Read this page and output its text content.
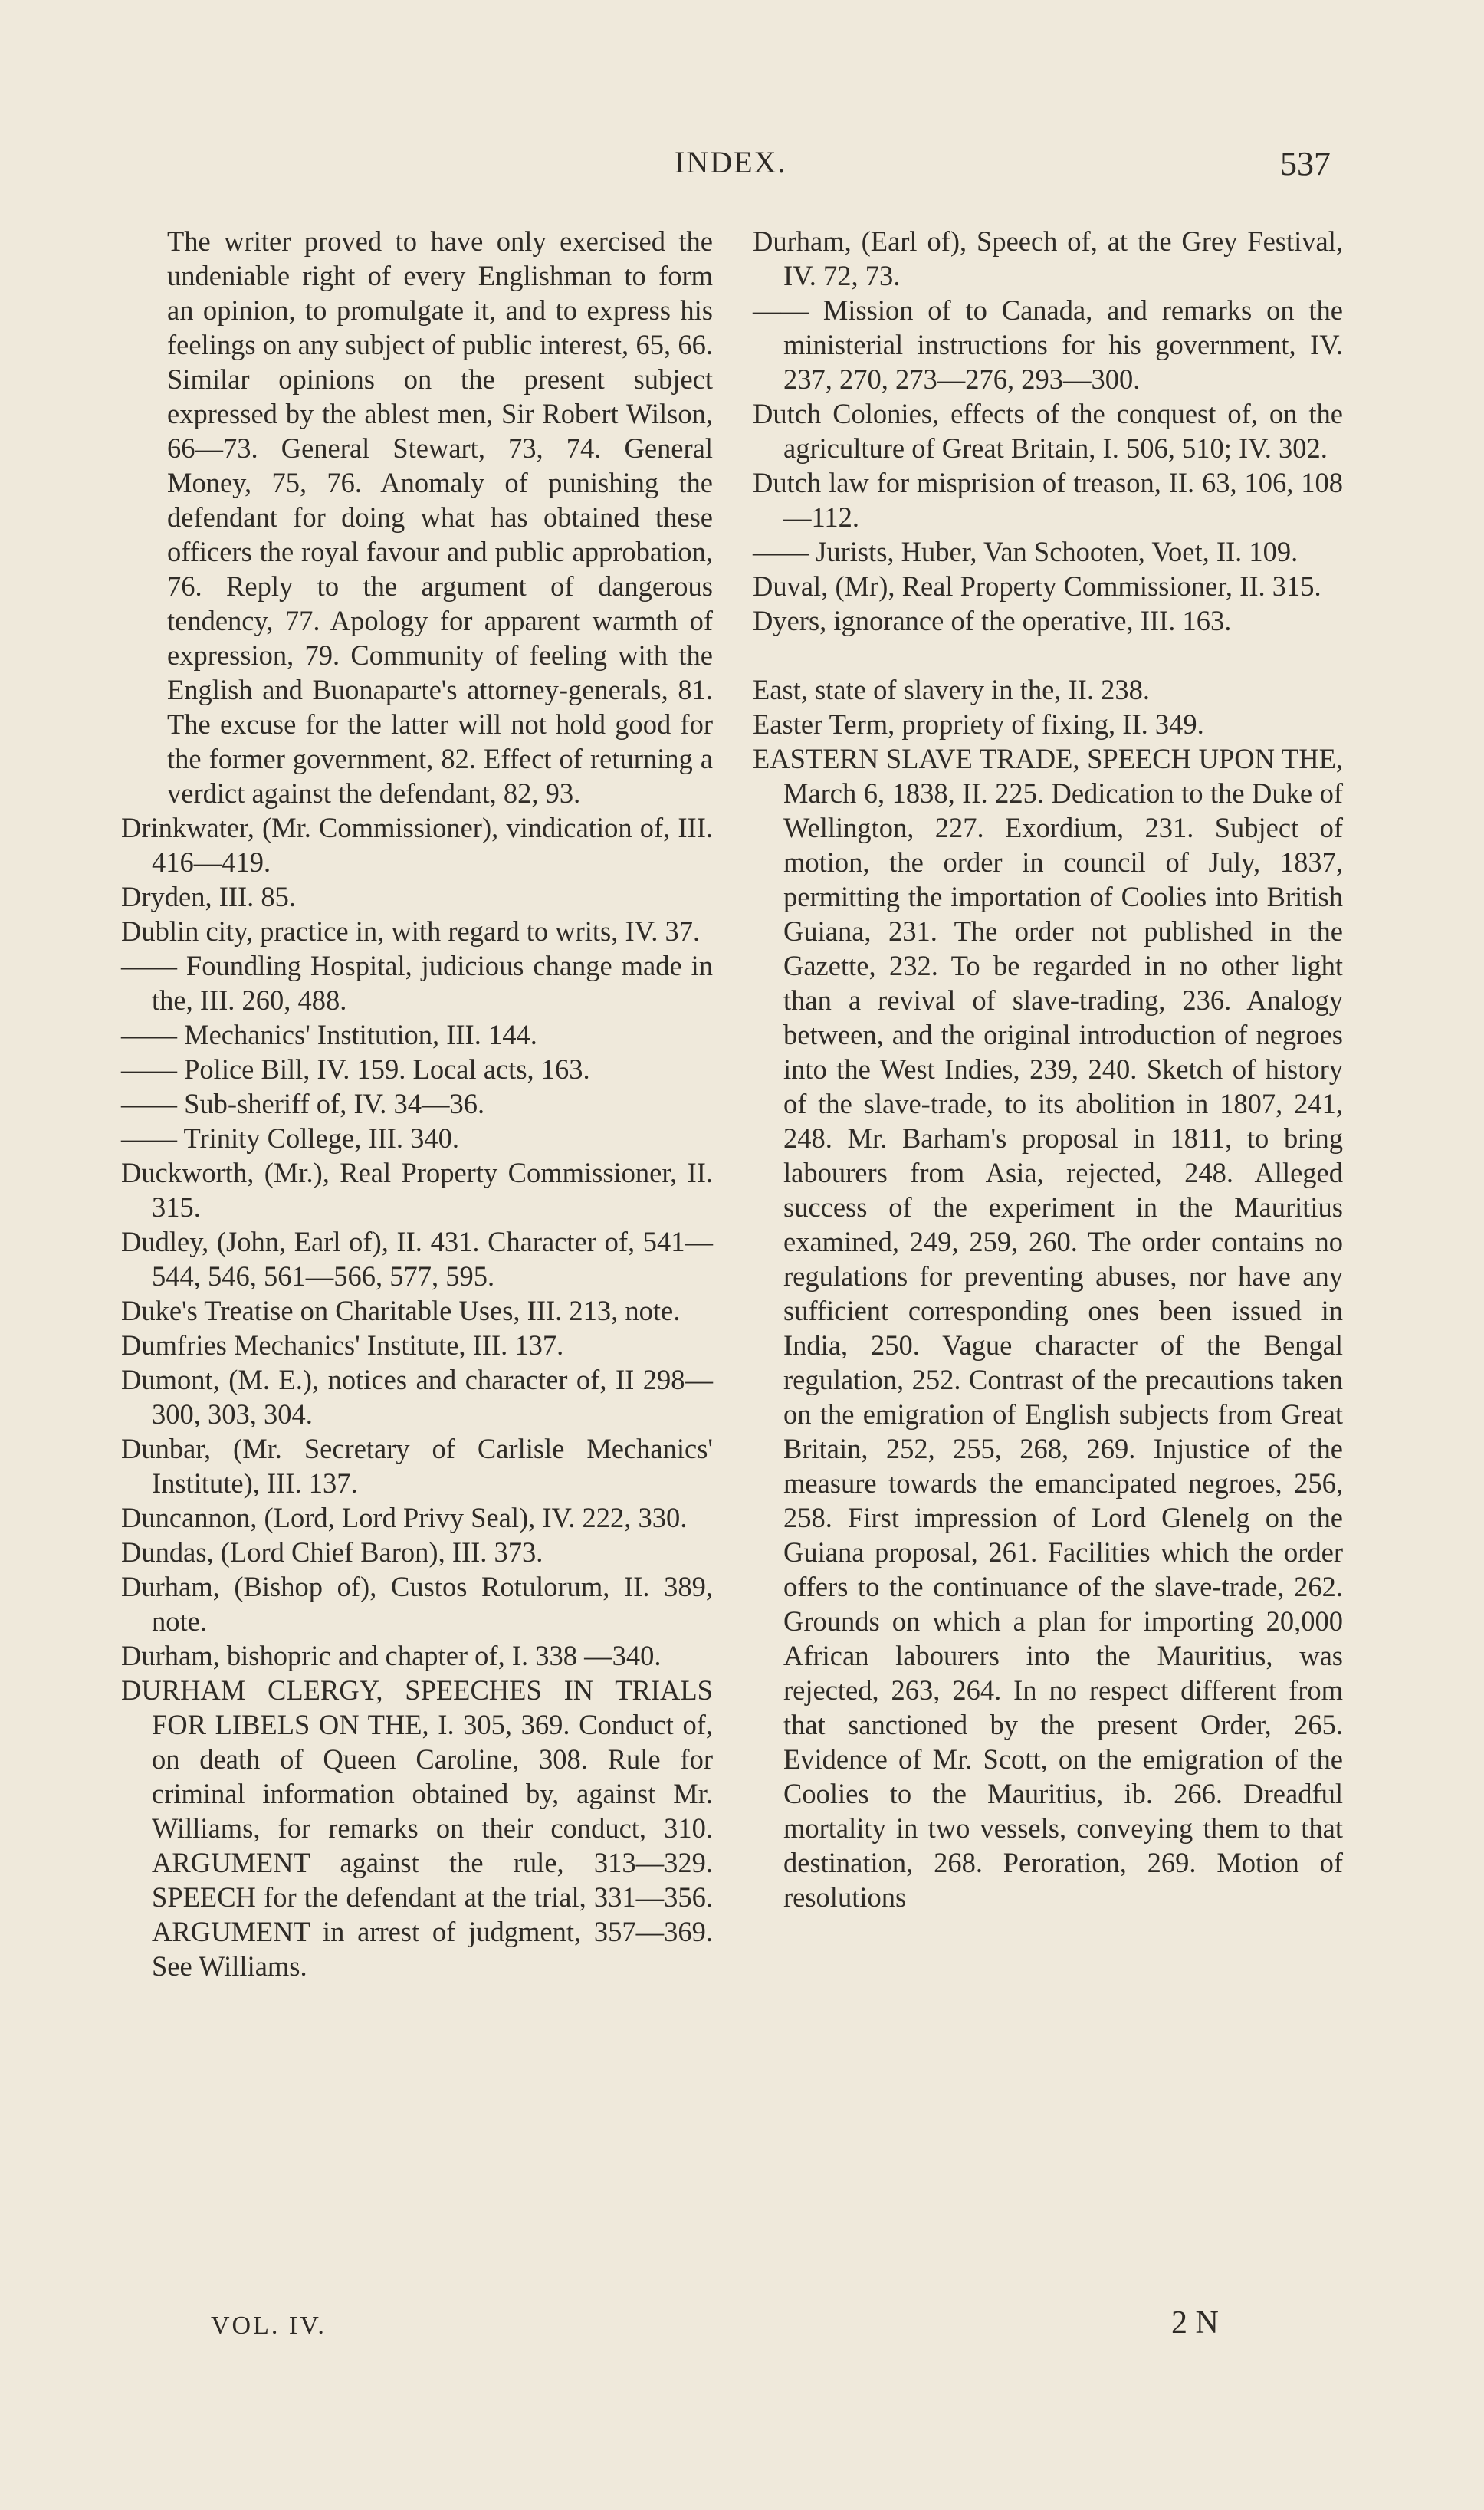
INDEX.	537
The writer proved to have only exercised the undeniable right of every Englishman to form an opinion, to promulgate it, and to express his feelings on any subject of public interest, 65, 66. Similar opinions on the present subject expressed by the ablest men, Sir Robert Wilson, 66—73. General Stewart, 73, 74. General Money, 75, 76. Anomaly of punishing the defendant for doing what has obtained these officers the royal favour and public approbation, 76. Reply to the argument of dangerous tendency, 77. Apology for apparent warmth of expression, 79. Community of feeling with the English and Buonaparte's attorney-generals, 81. The excuse for the latter will not hold good for the former government, 82. Effect of returning a verdict against the defendant, 82, 93.
Drinkwater, (Mr. Commissioner), vindication of, III. 416—419.
Dryden, III. 85.
Dublin city, practice in, with regard to writs, IV. 37.
—— Foundling Hospital, judicious change made in the, III. 260, 488.
—— Mechanics' Institution, III. 144.
—— Police Bill, IV. 159. Local acts, 163.
—— Sub-sheriff of, IV. 34—36.
—— Trinity College, III. 340.
Duckworth, (Mr.), Real Property Commissioner, II. 315.
Dudley, (John, Earl of), II. 431. Character of, 541—544, 546, 561—566, 577, 595.
Duke's Treatise on Charitable Uses, III. 213, note.
Dumfries Mechanics' Institute, III. 137.
Dumont, (M. E.), notices and character of, II 298—300, 303, 304.
Dunbar, (Mr. Secretary of Carlisle Mechanics' Institute), III. 137.
Duncannon, (Lord, Lord Privy Seal), IV. 222, 330.
Dundas, (Lord Chief Baron), III. 373.
Durham, (Bishop of), Custos Rotulorum, II. 389, note.
Durham, bishopric and chapter of, I. 338 —340.
DURHAM CLERGY, SPEECHES IN TRIALS FOR LIBELS ON THE, I. 305, 369. Conduct of, on death of Queen Caroline, 308. Rule for criminal information obtained by, against Mr. Williams, for remarks on their conduct, 310. ARGUMENT against the rule, 313—329. SPEECH for the defendant at the trial, 331—356. ARGUMENT in arrest of judgment, 357—369. See Williams.
Durham, (Earl of), Speech of, at the Grey Festival, IV. 72, 73.
—— Mission of to Canada, and remarks on the ministerial instructions for his government, IV. 237, 270, 273—276, 293—300.
Dutch Colonies, effects of the conquest of, on the agriculture of Great Britain, I. 506, 510; IV. 302.
Dutch law for misprision of treason, II. 63, 106, 108—112.
—— Jurists, Huber, Van Schooten, Voet, II. 109.
Duval, (Mr), Real Property Commissioner, II. 315.
Dyers, ignorance of the operative, III. 163.
East, state of slavery in the, II. 238.
Easter Term, propriety of fixing, II. 349.
EASTERN SLAVE TRADE, SPEECH UPON THE, March 6, 1838, II. 225. Dedication to the Duke of Wellington, 227. Exordium, 231. Subject of motion, the order in council of July, 1837, permitting the importation of Coolies into British Guiana, 231. The order not published in the Gazette, 232. To be regarded in no other light than a revival of slave-trading, 236. Analogy between, and the original introduction of negroes into the West Indies, 239, 240. Sketch of history of the slave-trade, to its abolition in 1807, 241, 248. Mr. Barham's proposal in 1811, to bring labourers from Asia, rejected, 248. Alleged success of the experiment in the Mauritius examined, 249, 259, 260. The order contains no regulations for preventing abuses, nor have any sufficient corresponding ones been issued in India, 250. Vague character of the Bengal regulation, 252. Contrast of the precautions taken on the emigration of English subjects from Great Britain, 252, 255, 268, 269. Injustice of the measure towards the emancipated negroes, 256, 258. First impression of Lord Glenelg on the Guiana proposal, 261. Facilities which the order offers to the continuance of the slave-trade, 262. Grounds on which a plan for importing 20,000 African labourers into the Mauritius, was rejected, 263, 264. In no respect different from that sanctioned by the present Order, 265. Evidence of Mr. Scott, on the emigration of the Coolies to the Mauritius, ib. 266. Dreadful mortality in two vessels, conveying them to that destination, 268. Peroration, 269. Motion of resolutions
VOL. IV.	2 N
